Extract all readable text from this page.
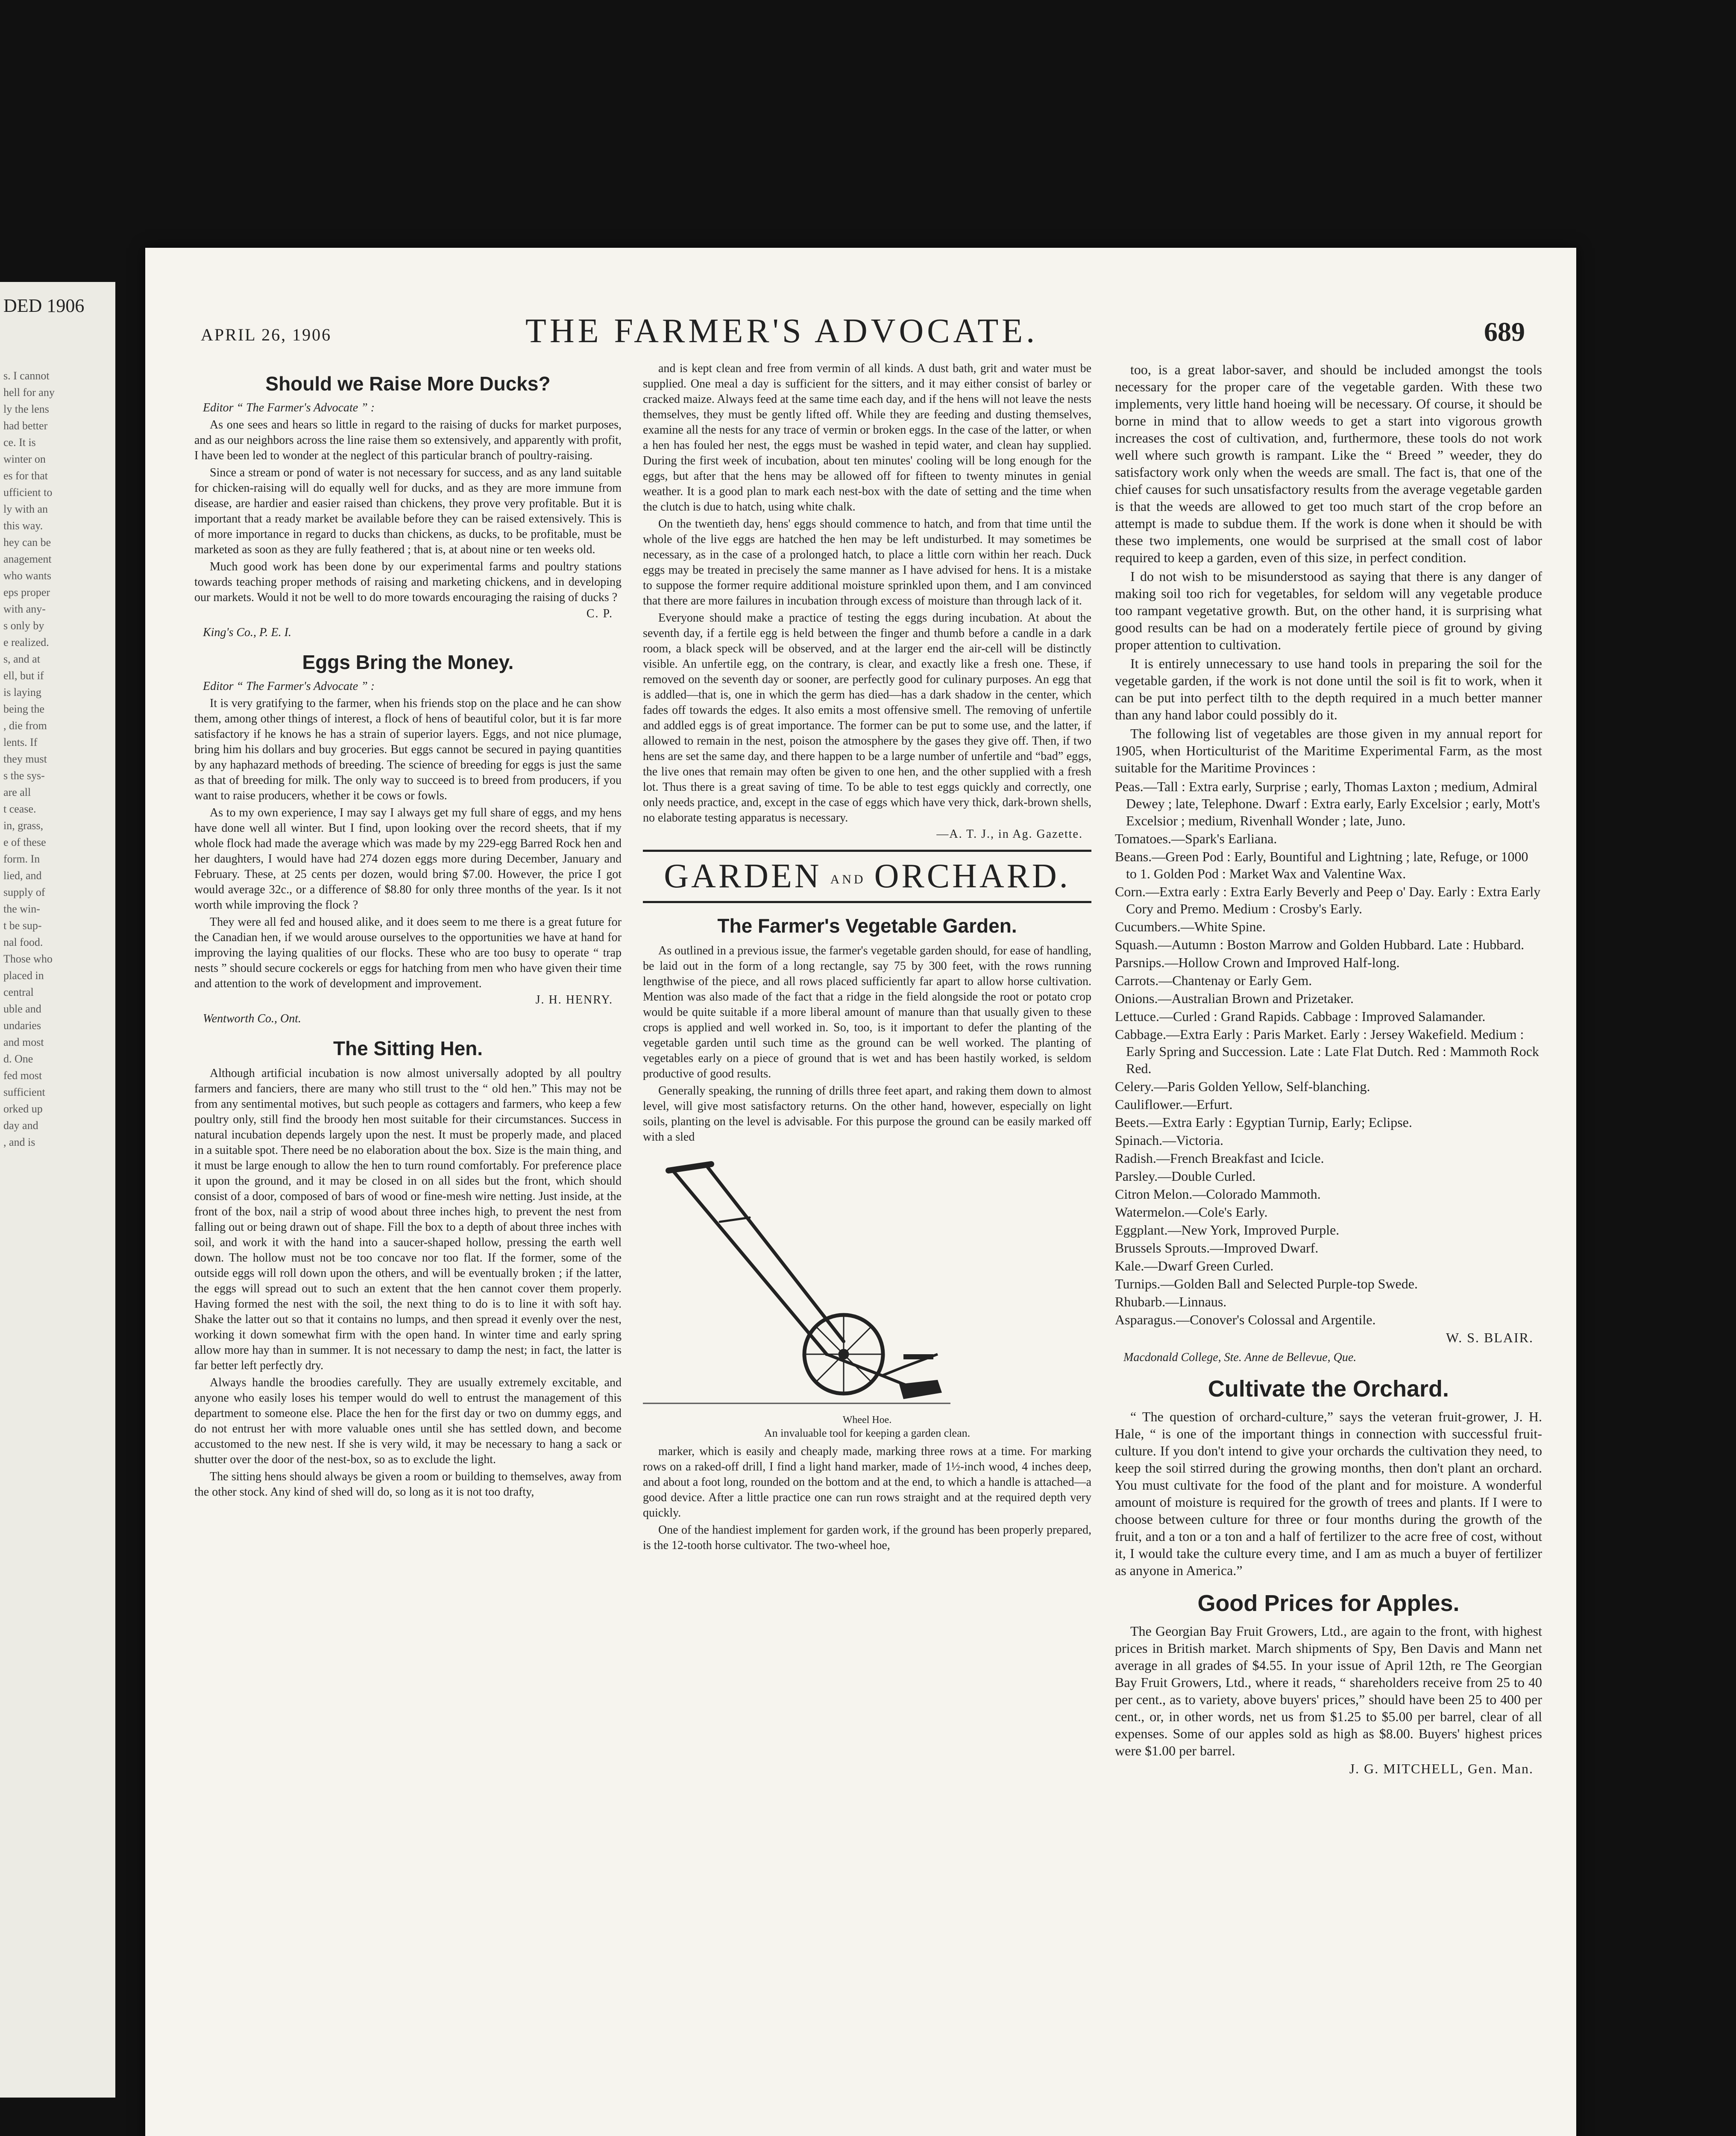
DED 1906
s. I cannot
hell for any
ly the lens
had better
ce. It is
winter on
es for that
ufficient to
ly with an
this way.
hey can be
anagement
who wants
eps proper
with any-
s only by
e realized.
s, and at
ell, but if
is laying
being the
, die from
lents. If
they must
s the sys-
are all
t cease.
in, grass,
e of these
form. In
lied, and
supply of
the win-
t be sup-
nal food.
Those who
placed in
central
uble and
undaries
and most
d. One
fed most
sufficient
orked up
day and
, and is
APRIL 26, 1906	THE FARMER'S ADVOCATE.	689
Should we Raise More Ducks?
Editor “ The Farmer's Advocate ” :

As one sees and hears so little in regard to the raising of ducks for market purposes, and as our neighbors across the line raise them so extensively, and apparently with profit, I have been led to wonder at the neglect of this particular branch of poultry-raising.

Since a stream or pond of water is not necessary for success, and as any land suitable for chicken-raising will do equally well for ducks, and as they are more immune from disease, are hardier and easier raised than chickens, they prove very profitable. But it is important that a ready market be available before they can be raised extensively. This is of more importance in regard to ducks than chickens, as ducks, to be profitable, must be marketed as soon as they are fully feathered ; that is, at about nine or ten weeks old.

Much good work has been done by our experimental farms and poultry stations towards teaching proper methods of raising and marketing chickens, and in developing our markets. Would it not be well to do more towards encouraging the raising of ducks ?

C. P.
King's Co., P. E. I.
Eggs Bring the Money.
Editor “ The Farmer's Advocate ” :

It is very gratifying to the farmer, when his friends stop on the place and he can show them, among other things of interest, a flock of hens of beautiful color, but it is far more satisfactory if he knows he has a strain of superior layers. Eggs, and not nice plumage, bring him his dollars and buy groceries. But eggs cannot be secured in paying quantities by any haphazard methods of breeding. The science of breeding for eggs is just the same as that of breeding for milk. The only way to succeed is to breed from producers, if you want to raise producers, whether it be cows or fowls.

As to my own experience, I may say I always get my full share of eggs, and my hens have done well all winter. But I find, upon looking over the record sheets, that if my whole flock had made the average which was made by my 229-egg Barred Rock hen and her daughters, I would have had 274 dozen eggs more during December, January and February. These, at 25 cents per dozen, would bring $7.00. However, the price I got would average 32c., or a difference of $8.80 for only three months of the year. Is it not worth while improving the flock ?

They were all fed and housed alike, and it does seem to me there is a great future for the Canadian hen, if we would arouse ourselves to the opportunities we have at hand for improving the laying qualities of our flocks. These who are too busy to operate “ trap nests ” should secure cockerels or eggs for hatching from men who have given their time and attention to the work of development and improvement.

J. H. HENRY.
Wentworth Co., Ont.
The Sitting Hen.

Although artificial incubation is now almost universally adopted by all poultry farmers and fanciers, there are many who still trust to the “ old hen.” This may not be from any sentimental motives, but such people as cottagers and farmers, who keep a few poultry only, still find the broody hen most suitable for their circumstances. Success in natural incubation depends largely upon the nest. It must be properly made, and placed in a suitable spot. There need be no elaboration about the box. Size is the main thing, and it must be large enough to allow the hen to turn round comfortably. For preference place it upon the ground, and it may be closed in on all sides but the front, which should consist of a door, composed of bars of wood or fine-mesh wire netting. Just inside, at the front of the box, nail a strip of wood about three inches high, to prevent the nest from falling out or being drawn out of shape. Fill the box to a depth of about three inches with soil, and work it with the hand into a saucer-shaped hollow, pressing the earth well down. The hollow must not be too concave nor too flat. If the former, some of the outside eggs will roll down upon the others, and will be eventually broken ; if the latter, the eggs will spread out to such an extent that the hen cannot cover them properly. Having formed the nest with the soil, the next thing to do is to line it with soft hay. Shake the latter out so that it contains no lumps, and then spread it evenly over the nest, working it down somewhat firm with the open hand. In winter time and early spring allow more hay than in summer. It is not necessary to damp the nest; in fact, the latter is far better left perfectly dry.

Always handle the broodies carefully. They are usually extremely excitable, and anyone who easily loses his temper would do well to entrust the management of this department to someone else. Place the hen for the first day or two on dummy eggs, and do not entrust her with more valuable ones until she has settled down, and become accustomed to the new nest. If she is very wild, it may be necessary to hang a sack or shutter over the door of the nest-box, so as to exclude the light.

The sitting hens should always be given a room or building to themselves, away from the other stock. Any kind of shed will do, so long as it is not too drafty,

and is kept clean and free from vermin of all kinds. A dust bath, grit and water must be supplied. One meal a day is sufficient for the sitters, and it may either consist of barley or cracked maize. Always feed at the same time each day, and if the hens will not leave the nests themselves, they must be gently lifted off. While they are feeding and dusting themselves, examine all the nests for any trace of vermin or broken eggs. In the case of the latter, or when a hen has fouled her nest, the eggs must be washed in tepid water, and clean hay supplied. During the first week of incubation, about ten minutes' cooling will be long enough for the eggs, but after that the hens may be allowed off for fifteen to twenty minutes in genial weather. It is a good plan to mark each nest-box with the date of setting and the time when the clutch is due to hatch, using white chalk.

On the twentieth day, hens' eggs should commence to hatch, and from that time until the whole of the live eggs are hatched the hen may be left undisturbed. It may sometimes be necessary, as in the case of a prolonged hatch, to place a little corn within her reach. Duck eggs may be treated in precisely the same manner as I have advised for hens. It is a mistake to suppose the former require additional moisture sprinkled upon them, and I am convinced that there are more failures in incubation through excess of moisture than through lack of it.

Everyone should make a practice of testing the eggs during incubation. At about the seventh day, if a fertile egg is held between the finger and thumb before a candle in a dark room, a black speck will be observed, and at the larger end the air-cell will be distinctly visible. An unfertile egg, on the contrary, is clear, and exactly like a fresh one. These, if removed on the seventh day or sooner, are perfectly good for culinary purposes. An egg that is addled—that is, one in which the germ has died—has a dark shadow in the center, which fades off towards the edges. It also emits a most offensive smell. The removing of unfertile and addled eggs is of great importance. The former can be put to some use, and the latter, if allowed to remain in the nest, poison the atmosphere by the gases they give off. Then, if two hens are set the same day, and there happen to be a large number of unfertile and “bad” eggs, the live ones that remain may often be given to one hen, and the other supplied with a fresh lot. Thus there is a great saving of time. To be able to test eggs quickly and correctly, one only needs practice, and, except in the case of eggs which have very thick, dark-brown shells, no elaborate testing apparatus is necessary.

—A. T. J., in Ag. Gazette.
GARDEN AND ORCHARD.
The Farmer's Vegetable Garden.

As outlined in a previous issue, the farmer's vegetable garden should, for ease of handling, be laid out in the form of a long rectangle, say 75 by 300 feet, with the rows running lengthwise of the piece, and all rows placed sufficiently far apart to allow horse cultivation. Mention was also made of the fact that a ridge in the field alongside the root or potato crop would be quite suitable if a more liberal amount of manure than that usually given to these crops is applied and well worked in. So, too, is it important to defer the planting of the vegetable garden until such time as the ground can be well worked. The planting of vegetables early on a piece of ground that is wet and has been hastily worked, is seldom productive of good results.

Generally speaking, the running of drills three feet apart, and raking them down to almost level, will give most satisfactory returns. On the other hand, however, especially on light soils, planting on the level is advisable. For this purpose the ground can be easily marked off with a sled

Wheel Hoe.
An invaluable tool for keeping a garden clean.

marker, which is easily and cheaply made, marking three rows at a time. For marking rows on a raked-off drill, I find a light hand marker, made of 1½-inch wood, 4 inches deep, and about a foot long, rounded on the bottom and at the end, to which a handle is attached—a good device. After a little practice one can run rows straight and at the required depth very quickly.

One of the handiest implement for garden work, if the ground has been properly prepared, is the 12-tooth horse cultivator. The two-wheel hoe,

too, is a great labor-saver, and should be included amongst the tools necessary for the proper care of the vegetable garden. With these two implements, very little hand hoeing will be necessary. Of course, it should be borne in mind that to allow weeds to get a start into vigorous growth increases the cost of cultivation, and, furthermore, these tools do not work well where such growth is rampant. Like the “ Breed ” weeder, they do satisfactory work only when the weeds are small. The fact is, that one of the chief causes for such unsatisfactory results from the average vegetable garden is that the weeds are allowed to get too much start of the crop before an attempt is made to subdue them. If the work is done when it should be with these two implements, one would be surprised at the small cost of labor required to keep a garden, even of this size, in perfect condition.

I do not wish to be misunderstood as saying that there is any danger of making soil too rich for vegetables, for seldom will any vegetable produce too rampant vegetative growth. But, on the other hand, it is surprising what good results can be had on a moderately fertile piece of ground by giving proper attention to cultivation.

It is entirely unnecessary to use hand tools in preparing the soil for the vegetable garden, if the work is not done until the soil is fit to work, when it can be put into perfect tilth to the depth required in a much better manner than any hand labor could possibly do it.

The following list of vegetables are those given in my annual report for 1905, when Horticulturist of the Maritime Experimental Farm, as the most suitable for the Maritime Provinces :

Peas.—Tall : Extra early, Surprise ; early, Thomas Laxton ; medium, Admiral Dewey ; late, Telephone. Dwarf : Extra early, Early Excelsior ; early, Mott's Excelsior ; medium, Rivenhall Wonder ; late, Juno.
Tomatoes.—Spark's Earliana.
Beans.—Green Pod : Early, Bountiful and Lightning ; late, Refuge, or 1000 to 1. Golden Pod : Market Wax and Valentine Wax.
Corn.—Extra early : Extra Early Beverly and Peep o' Day. Early : Extra Early Cory and Premo. Medium : Crosby's Early.
Cucumbers.—White Spine.
Squash.—Autumn : Boston Marrow and Golden Hubbard. Late : Hubbard.
Parsnips.—Hollow Crown and Improved Half-long.
Carrots.—Chantenay or Early Gem.
Onions.—Australian Brown and Prizetaker.
Lettuce.—Curled : Grand Rapids. Cabbage : Improved Salamander.
Cabbage.—Extra Early : Paris Market. Early : Jersey Wakefield. Medium : Early Spring and Succession. Late : Late Flat Dutch. Red : Mammoth Rock Red.
Celery.—Paris Golden Yellow, Self-blanching.
Cauliflower.—Erfurt.
Beets.—Extra Early : Egyptian Turnip, Early; Eclipse.
Spinach.—Victoria.
Radish.—French Breakfast and Icicle.
Parsley.—Double Curled.
Citron Melon.—Colorado Mammoth.
Watermelon.—Cole's Early.
Eggplant.—New York, Improved Purple.
Brussels Sprouts.—Improved Dwarf.
Kale.—Dwarf Green Curled.
Turnips.—Golden Ball and Selected Purple-top Swede.
Rhubarb.—Linnaus.
Asparagus.—Conover's Colossal and Argentile.
W. S. BLAIR.
Macdonald College, Ste. Anne de Bellevue, Que.
Cultivate the Orchard.

“ The question of orchard-culture,” says the veteran fruit-grower, J. H. Hale, “ is one of the important things in connection with successful fruit-culture. If you don't intend to give your orchards the cultivation they need, to keep the soil stirred during the growing months, then don't plant an orchard. You must cultivate for the food of the plant and for moisture. A wonderful amount of moisture is required for the growth of trees and plants. If I were to choose between culture for three or four months during the growth of the fruit, and a ton or a ton and a half of fertilizer to the acre free of cost, without it, I would take the culture every time, and I am as much a buyer of fertilizer as anyone in America.”

Good Prices for Apples.

The Georgian Bay Fruit Growers, Ltd., are again to the front, with highest prices in British market. March shipments of Spy, Ben Davis and Mann net average in all grades of $4.55. In your issue of April 12th, re The Georgian Bay Fruit Growers, Ltd., where it reads, “ shareholders receive from 25 to 40 per cent., as to variety, above buyers' prices,” should have been 25 to 400 per cent., or, in other words, net us from $1.25 to $5.00 per barrel, clear of all expenses. Some of our apples sold as high as $8.00. Buyers' highest prices were $1.00 per barrel.

J. G. MITCHELL, Gen. Man.
